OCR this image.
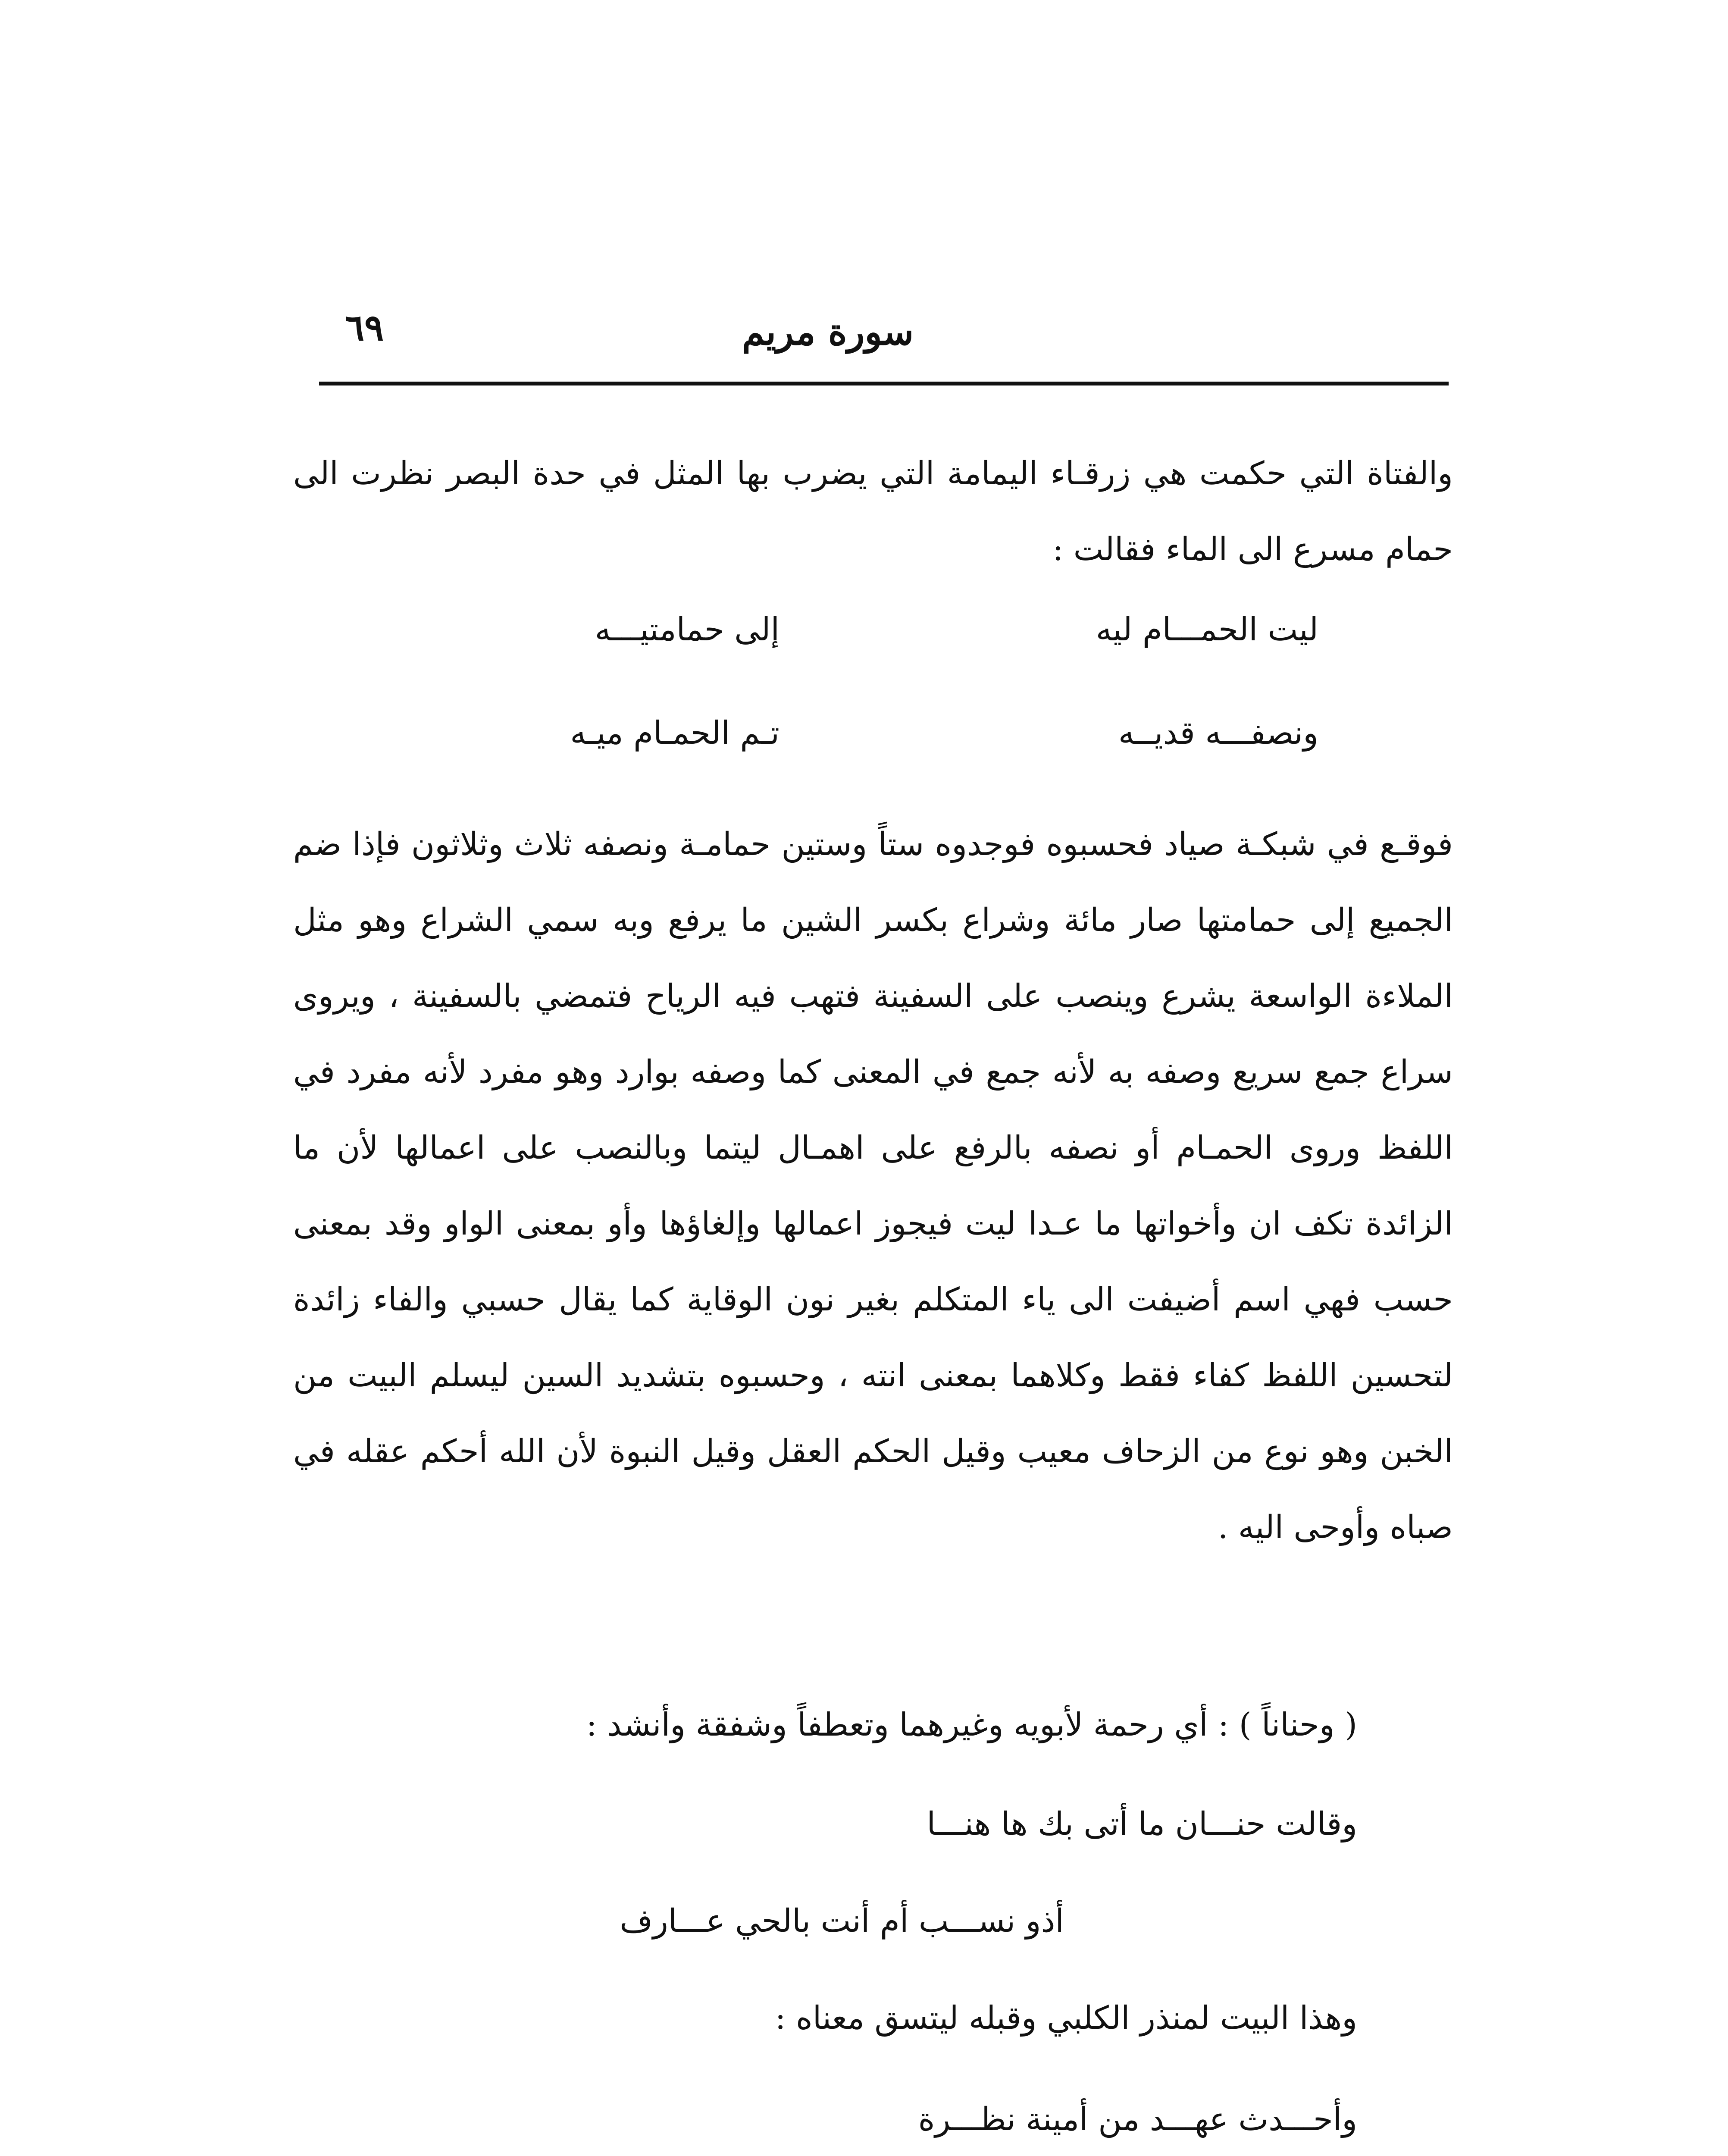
سورة مريم
٦٩
والفتاة التي حكمت هي زرقـاء اليمامة التي يضرب بها المثل في حدة البصر نظرت الى حمام مسرع الى الماء فقالت :
ليت الحمـــام ليه
إلى حمامتيـــه
ونصفـــه قديــه
تـم الحمـام ميـه
فوقـع في شبكـة صياد فحسبوه فوجدوه ستاً وستين حمامـة ونصفه ثلاث وثلاثون فإذا ضم الجميع إلى حمامتها صار مائة وشراع بكسر الشين ما يرفع وبه سمي الشراع وهو مثل الملاءة الواسعة يشرع وينصب على السفينة فتهب فيه الرياح فتمضي بالسفينة ، ويروى سراع جمع سريع وصفه به لأنه جمع في المعنى كما وصفه بوارد وهو مفرد لأنه مفرد في اللفظ وروى الحمـام أو نصفه بالرفع على اهمـال ليتما وبالنصب على اعمالها لأن ما الزائدة تكف ان وأخواتها ما عـدا ليت فيجوز اعمالها وإلغاؤها وأو بمعنى الواو وقد بمعنى حسب فهي اسم أضيفت الى ياء المتكلم بغير نون الوقاية كما يقال حسبي والفاء زائدة لتحسين اللفظ كفاء فقط وكلاهما بمعنى انته ، وحسبوه بتشديد السين ليسلم البيت من الخبن وهو نوع من الزحاف معيب وقيل الحكم العقل وقيل النبوة لأن الله أحكم عقله في صباه وأوحى اليه .
( وحناناً ) : أي رحمة لأبويه وغيرهما وتعطفاً وشفقة وأنشد :
وقالت حنـــان ما أتى بك ها هنـــا
أذو نســـب أم أنت بالحي عـــارف
وهذا البيت لمنذر الكلبي وقبله ليتسق معناه :
وأحـــدث عهـــد من أمينة نظـــرة
